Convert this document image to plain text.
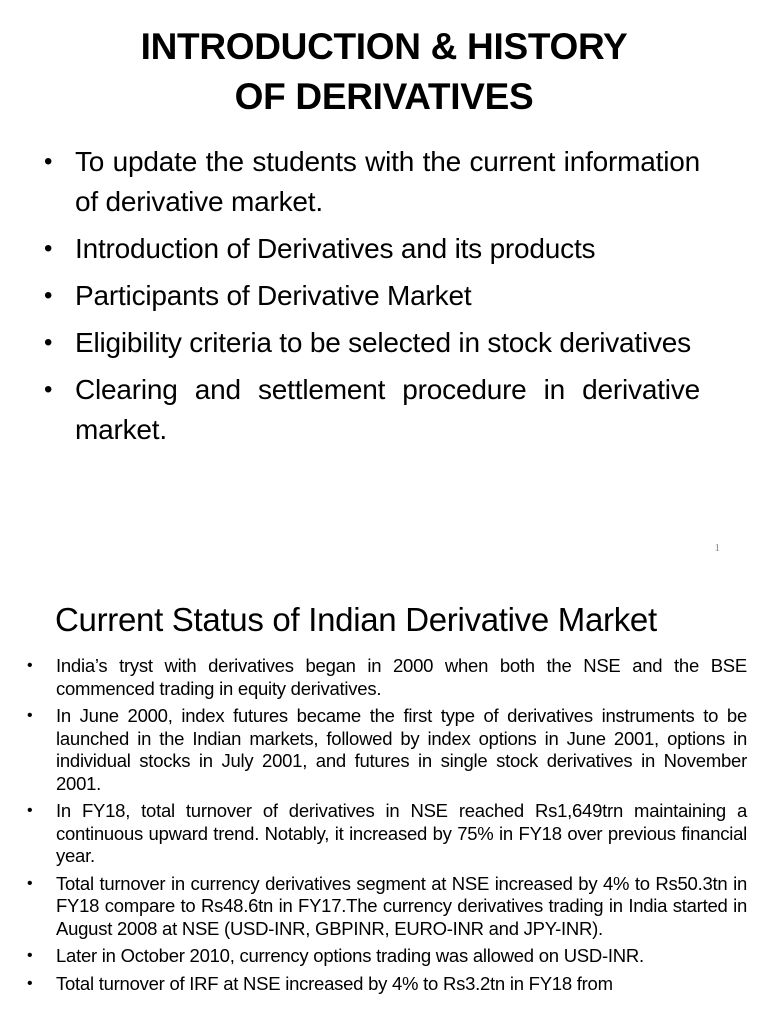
INTRODUCTION & HISTORY
OF DERIVATIVES
• To update the students with the current information of derivative market.
• Introduction of Derivatives and its products
• Participants of Derivative Market
• Eligibility criteria to be selected in stock derivatives
• Clearing and settlement procedure in derivative market.
1
Current Status of Indian Derivative Market
• India’s tryst with derivatives began in 2000 when both the NSE and the BSE commenced trading in equity derivatives.
• In June 2000, index futures became the first type of derivatives instruments to be launched in the Indian markets, followed by index options in June 2001, options in individual stocks in July 2001, and futures in single stock derivatives in November 2001.
• In FY18, total turnover of derivatives in NSE reached Rs1,649trn maintaining a continuous upward trend. Notably, it increased by 75% in FY18 over previous financial year.
• Total turnover in currency derivatives segment at NSE increased by 4% to Rs50.3tn in FY18 compare to Rs48.6tn in FY17.The currency derivatives trading in India started in August 2008 at NSE (USD-INR, GBPINR, EURO-INR and JPY-INR).
• Later in October 2010, currency options trading was allowed on USD-INR.
• Total turnover of IRF at NSE increased by 4% to Rs3.2tn in FY18 from
